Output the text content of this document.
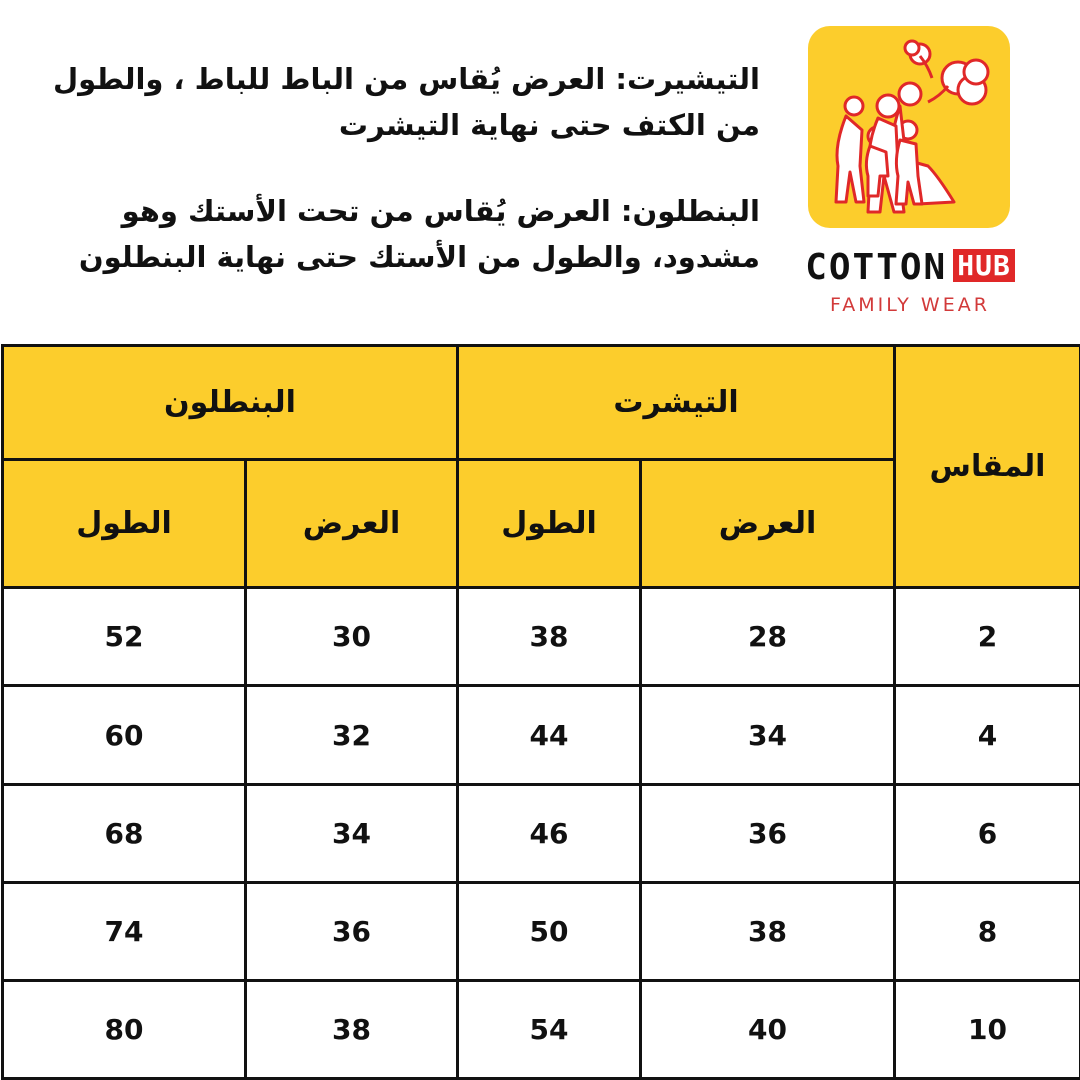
التيشيرت: العرض يُقاس من الباط للباط ، والطول من الكتف حتى نهاية التيشرت

البنطلون: العرض يُقاس من تحت الأستك وهو مشدود، والطول من الأستك حتى نهاية البنطلون	COTTON HUB
FAMILY WEAR
البنطلون		التيشرت		المقاس
الطول	العرض	الطول	العرض	
52	30	38	28	2
60	32	44	34	4
68	34	46	36	6
74	36	50	38	8
80	38	54	40	10
